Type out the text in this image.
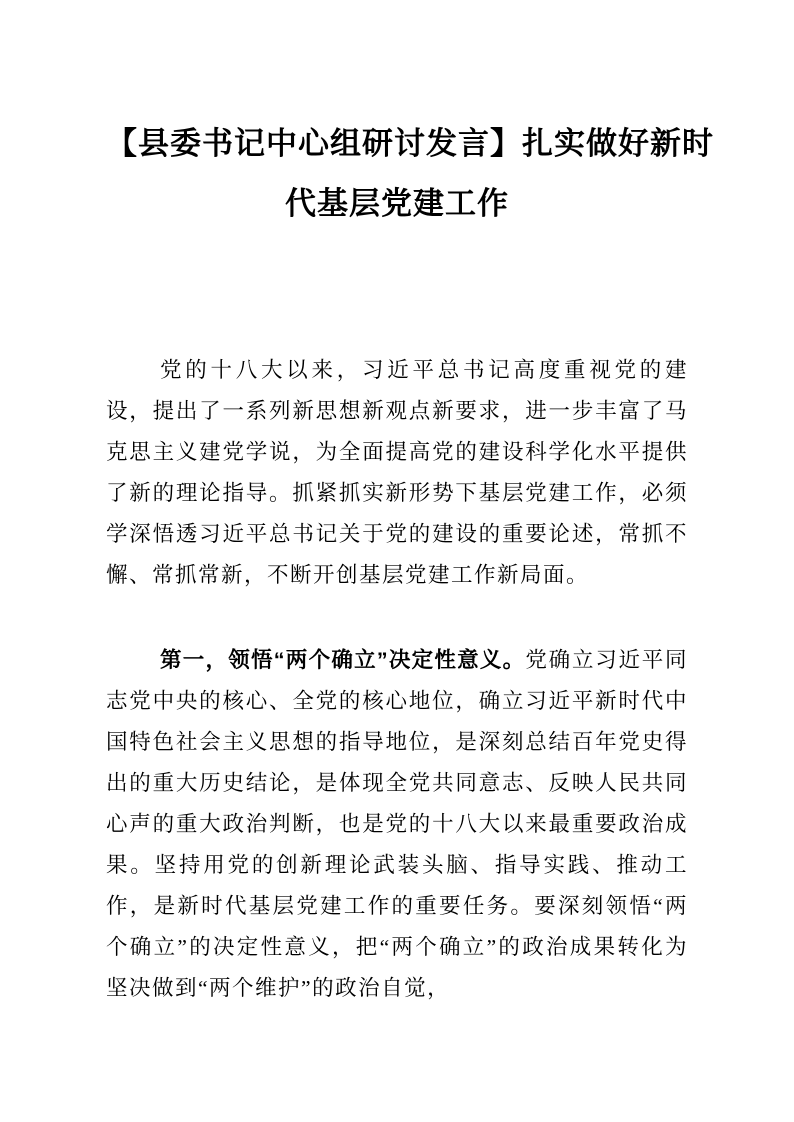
【县委书记中心组研讨发言】扎实做好新时
代基层党建工作

党的十八大以来，习近平总书记高度重视党的建设，提出了一系列新思想新观点新要求，进一步丰富了马克思主义建党学说，为全面提高党的建设科学化水平提供了新的理论指导。抓紧抓实新形势下基层党建工作，必须学深悟透习近平总书记关于党的建设的重要论述，常抓不懈、常抓常新，不断开创基层党建工作新局面。

第一，领悟“两个确立”决定性意义。党确立习近平同志党中央的核心、全党的核心地位，确立习近平新时代中国特色社会主义思想的指导地位，是深刻总结百年党史得出的重大历史结论，是体现全党共同意志、反映人民共同心声的重大政治判断，也是党的十八大以来最重要政治成果。坚持用党的创新理论武装头脑、指导实践、推动工作，是新时代基层党建工作的重要任务。要深刻领悟“两个确立”的决定性意义，把“两个确立”的政治成果转化为坚决做到“两个维护”的政治自觉，
